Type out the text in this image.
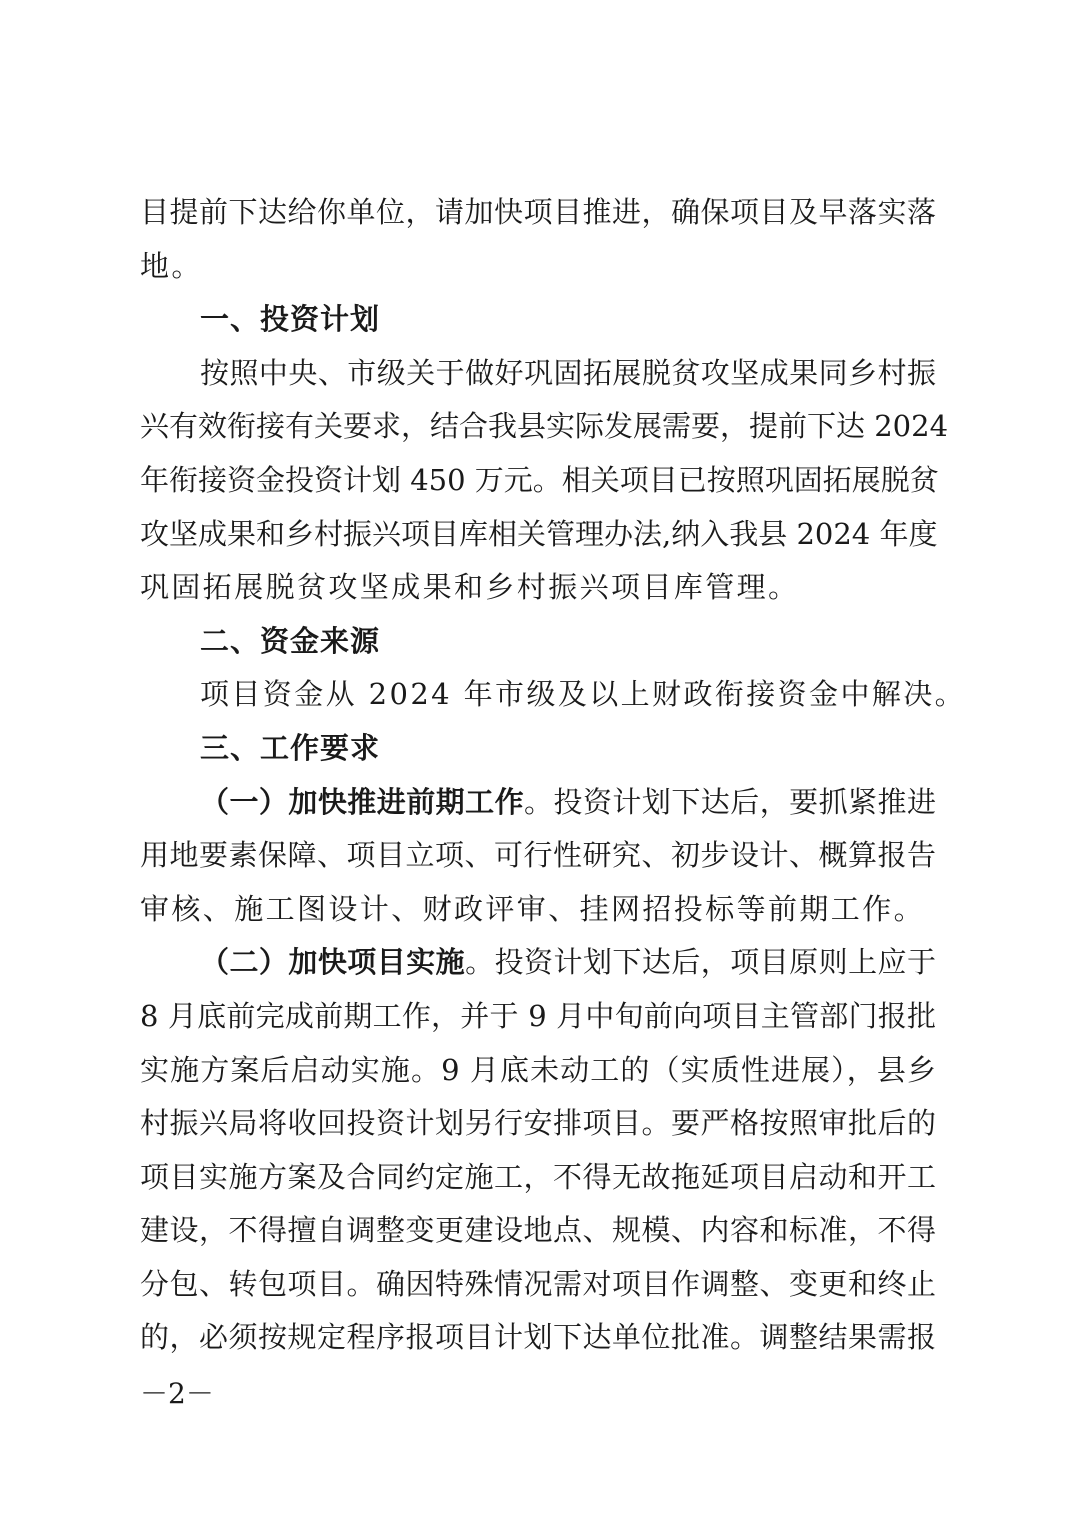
目提前下达给你单位，请加快项目推进，确保项目及早落实落
地。
一、投资计划
按照中央、市级关于做好巩固拓展脱贫攻坚成果同乡村振
兴有效衔接有关要求，结合我县实际发展需要，提前下达 2024
年衔接资金投资计划 450 万元。相关项目已按照巩固拓展脱贫
攻坚成果和乡村振兴项目库相关管理办法,纳入我县 2024 年度
巩固拓展脱贫攻坚成果和乡村振兴项目库管理。
二、资金来源
项目资金从 2024 年市级及以上财政衔接资金中解决。
三、工作要求
（一）加快推进前期工作。投资计划下达后，要抓紧推进
用地要素保障、项目立项、可行性研究、初步设计、概算报告
审核、施工图设计、财政评审、挂网招投标等前期工作。
（二）加快项目实施。投资计划下达后，项目原则上应于
8 月底前完成前期工作，并于 9 月中旬前向项目主管部门报批
实施方案后启动实施。9 月底未动工的（实质性进展），县乡
村振兴局将收回投资计划另行安排项目。要严格按照审批后的
项目实施方案及合同约定施工，不得无故拖延项目启动和开工
建设，不得擅自调整变更建设地点、规模、内容和标准，不得
分包、转包项目。确因特殊情况需对项目作调整、变更和终止
的，必须按规定程序报项目计划下达单位批准。调整结果需报
－2－
